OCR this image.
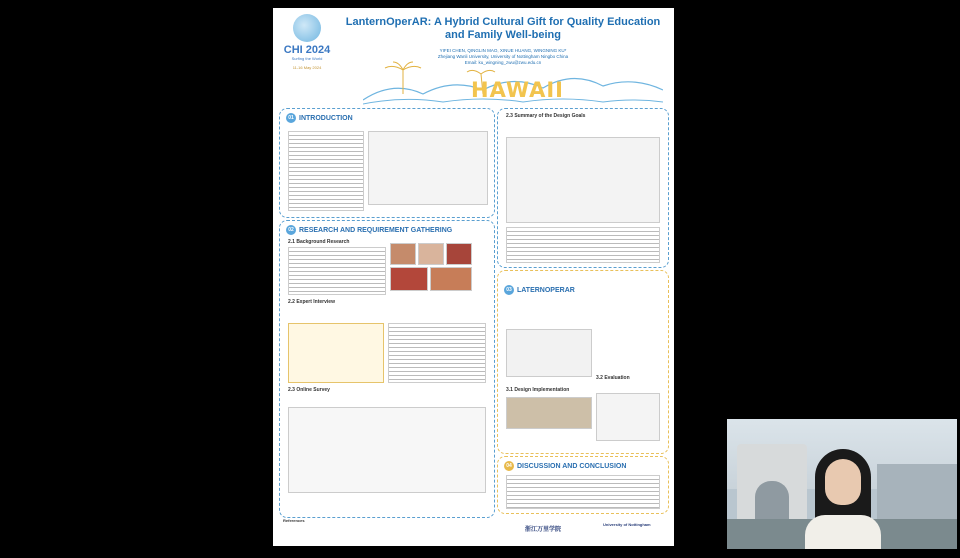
CHI 2024
Surfing the World
11-16 May 2024
LanternOperAR: A Hybrid Cultural Gift for Quality Education and Family Well-being
YIFEI CHEN, QINGLIN MAO, XINUE HUANG, WINGNING KU*
Zhejiang Wanli University, University of Nottingham Ningbo China
Email: ku_wingning_zwu@zwu.edu.cn
HAWAII
01 INTRODUCTION
02 RESEARCH AND REQUIREMENT GATHERING
2.1 Background Research
2.2 Expert Interview
2.3 Online Survey
2.3 Summary of the Design Goals
03 LATERNOPERAR
3.1 Design Implementation
3.2 Evaluation
04 DISCUSSION AND CONCLUSION
References
浙江万里学院
University of Nottingham
